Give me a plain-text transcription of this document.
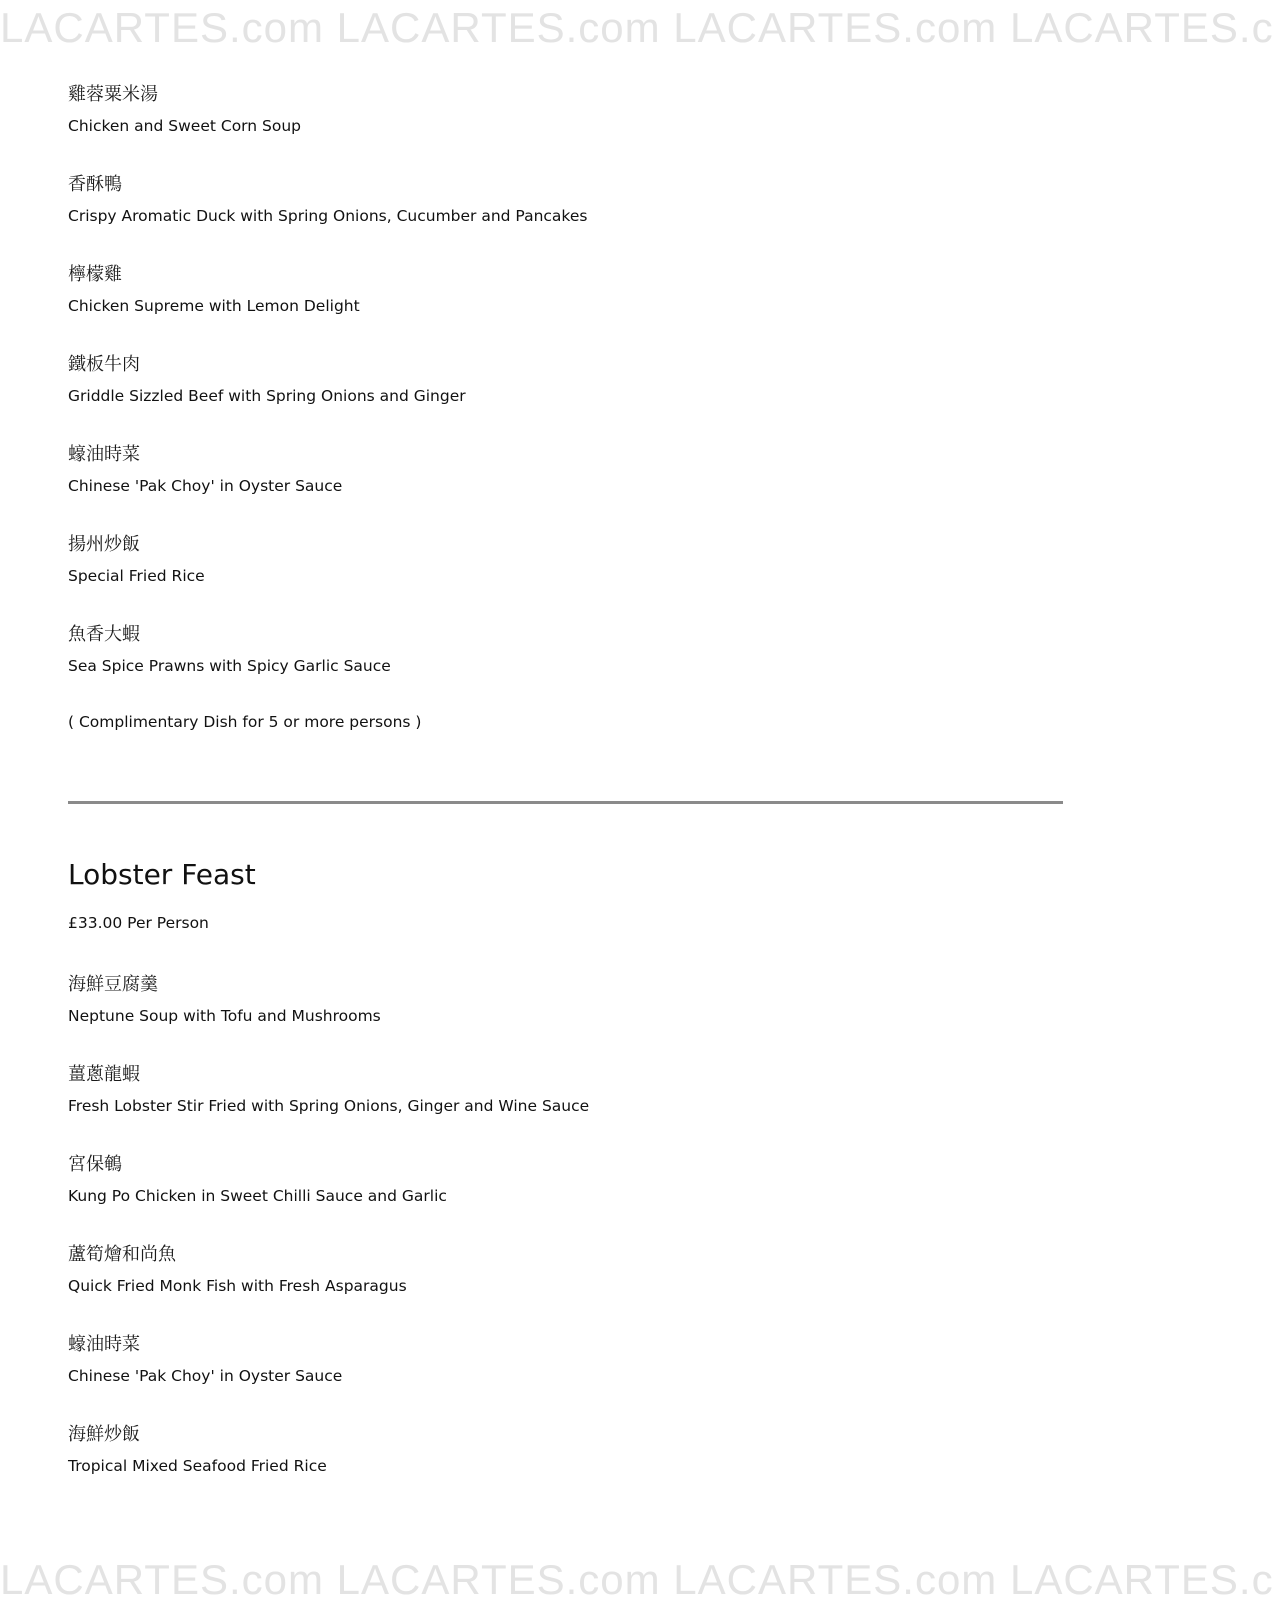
LACARTES.com LACARTES.com LACARTES.com LACARTES.c
雞蓉粟米湯
Chicken and Sweet Corn Soup
香酥鴨
Crispy Aromatic Duck with Spring Onions, Cucumber and Pancakes
檸檬雞
Chicken Supreme with Lemon Delight
鐵板牛肉
Griddle Sizzled Beef with Spring Onions and Ginger
蠔油時菜
Chinese 'Pak Choy' in Oyster Sauce
揚州炒飯
Special Fried Rice
魚香大蝦
Sea Spice Prawns with Spicy Garlic Sauce
( Complimentary Dish for 5 or more persons )
Lobster Feast
£33.00 Per Person
海鮮豆腐羹
Neptune Soup with Tofu and Mushrooms
薑蔥龍蝦
Fresh Lobster Stir Fried with Spring Onions, Ginger and Wine Sauce
宮保鵪
Kung Po Chicken in Sweet Chilli Sauce and Garlic
蘆筍燴和尚魚
Quick Fried Monk Fish with Fresh Asparagus
蠔油時菜
Chinese 'Pak Choy' in Oyster Sauce
海鮮炒飯
Tropical Mixed Seafood Fried Rice
LACARTES.com LACARTES.com LACARTES.com LACARTES.c
